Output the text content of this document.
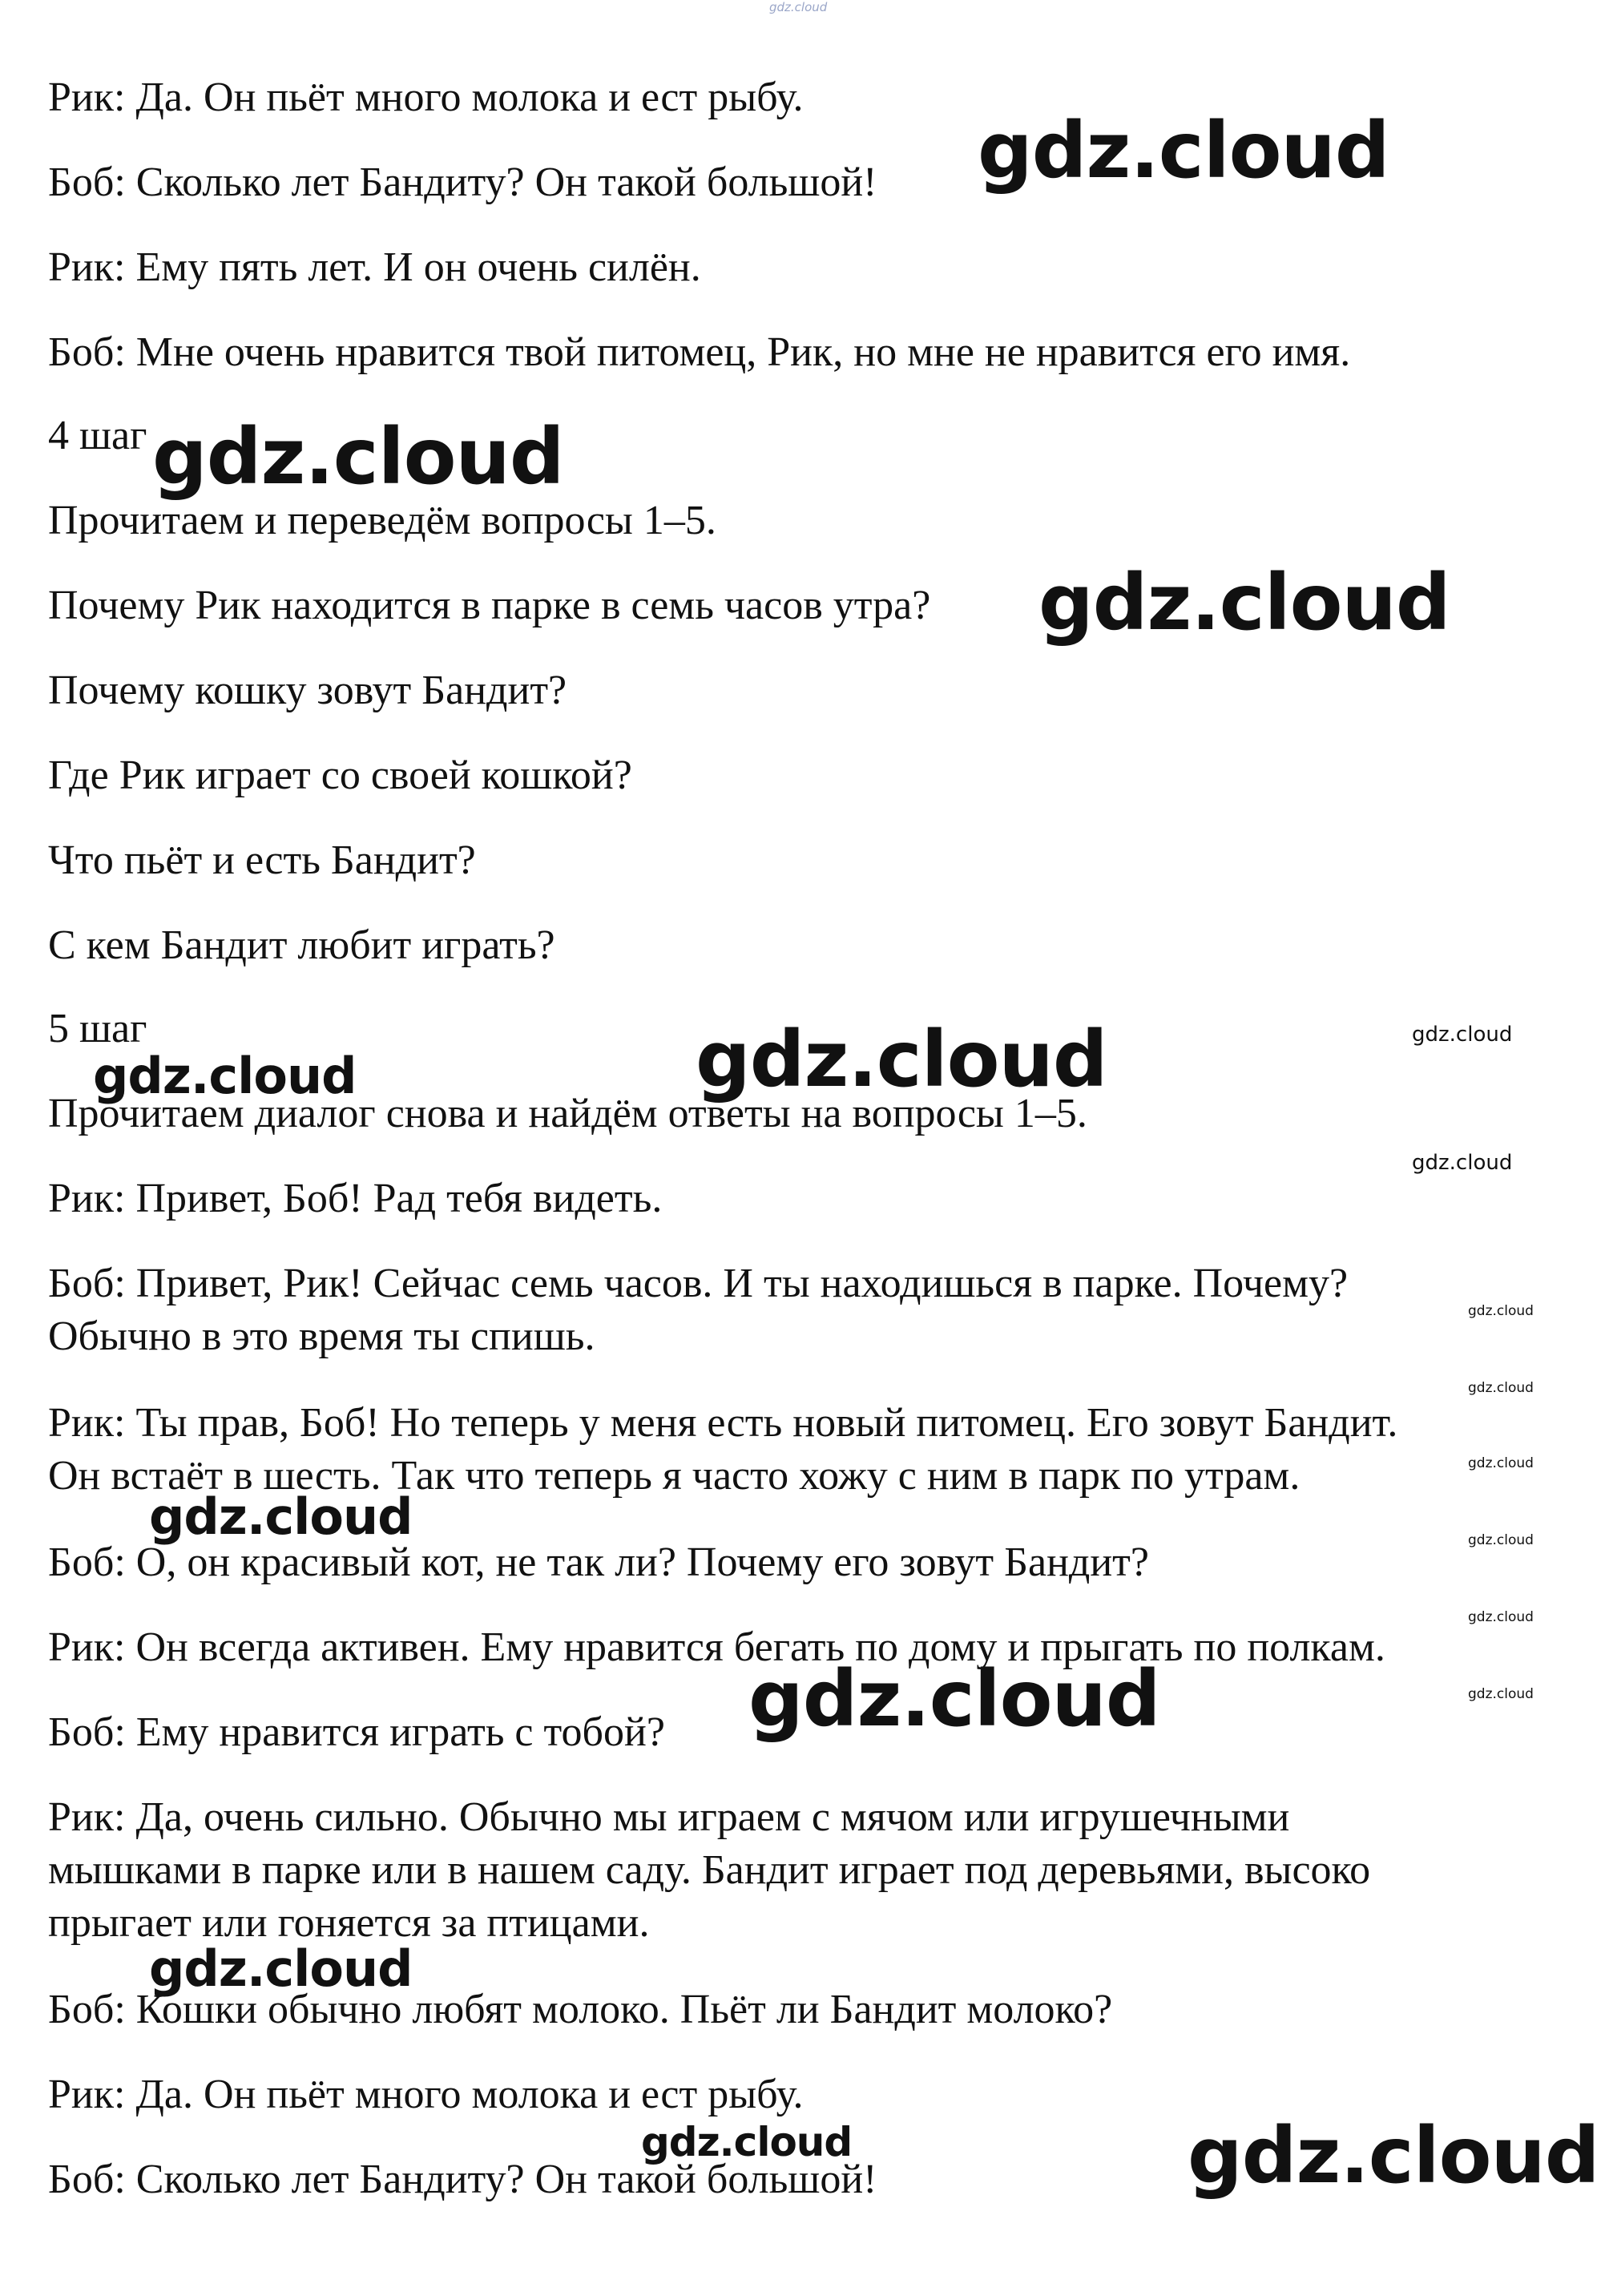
Рик: Да. Он пьёт много молока и ест рыбу.
Боб: Сколько лет Бандиту? Он такой большой!
Рик: Ему пять лет. И он очень силён.
Боб: Мне очень нравится твой питомец, Рик, но мне не нравится его имя.
4 шаг
Прочитаем и переведём вопросы 1–5.
Почему Рик находится в парке в семь часов утра?
Почему кошку зовут Бандит?
Где Рик играет со своей кошкой?
Что пьёт и есть Бандит?
С кем Бандит любит играть?
5 шаг
Прочитаем диалог снова и найдём ответы на вопросы 1–5.
Рик: Привет, Боб! Рад тебя видеть.
Боб: Привет, Рик! Сейчас семь часов. И ты находишься в парке. Почему?
Обычно в это время ты спишь.
Рик: Ты прав, Боб! Но теперь у меня есть новый питомец. Его зовут Бандит.
Он встаёт в шесть. Так что теперь я часто хожу с ним в парк по утрам.
Боб: О, он красивый кот, не так ли? Почему его зовут Бандит?
Рик: Он всегда активен. Ему нравится бегать по дому и прыгать по полкам.
Боб: Ему нравится играть с тобой?
Рик: Да, очень сильно. Обычно мы играем с мячом или игрушечными
мышками в парке или в нашем саду. Бандит играет под деревьями, высоко
прыгает или гоняется за птицами.
Боб: Кошки обычно любят молоко. Пьёт ли Бандит молоко?
Рик: Да. Он пьёт много молока и ест рыбу.
Боб: Сколько лет Бандиту? Он такой большой!
gdz.cloud
gdz.cloud
gdz.cloud
gdz.cloud
gdz.cloud	gdz.cloud	gdz.cloud
gdz.cloud
gdz.cloud
gdz.cloud
gdz.cloud
gdz.cloud	gdz.cloud
gdz.cloud
gdz.cloud	gdz.cloud
gdz.cloud
gdz.cloud	gdz.cloud
